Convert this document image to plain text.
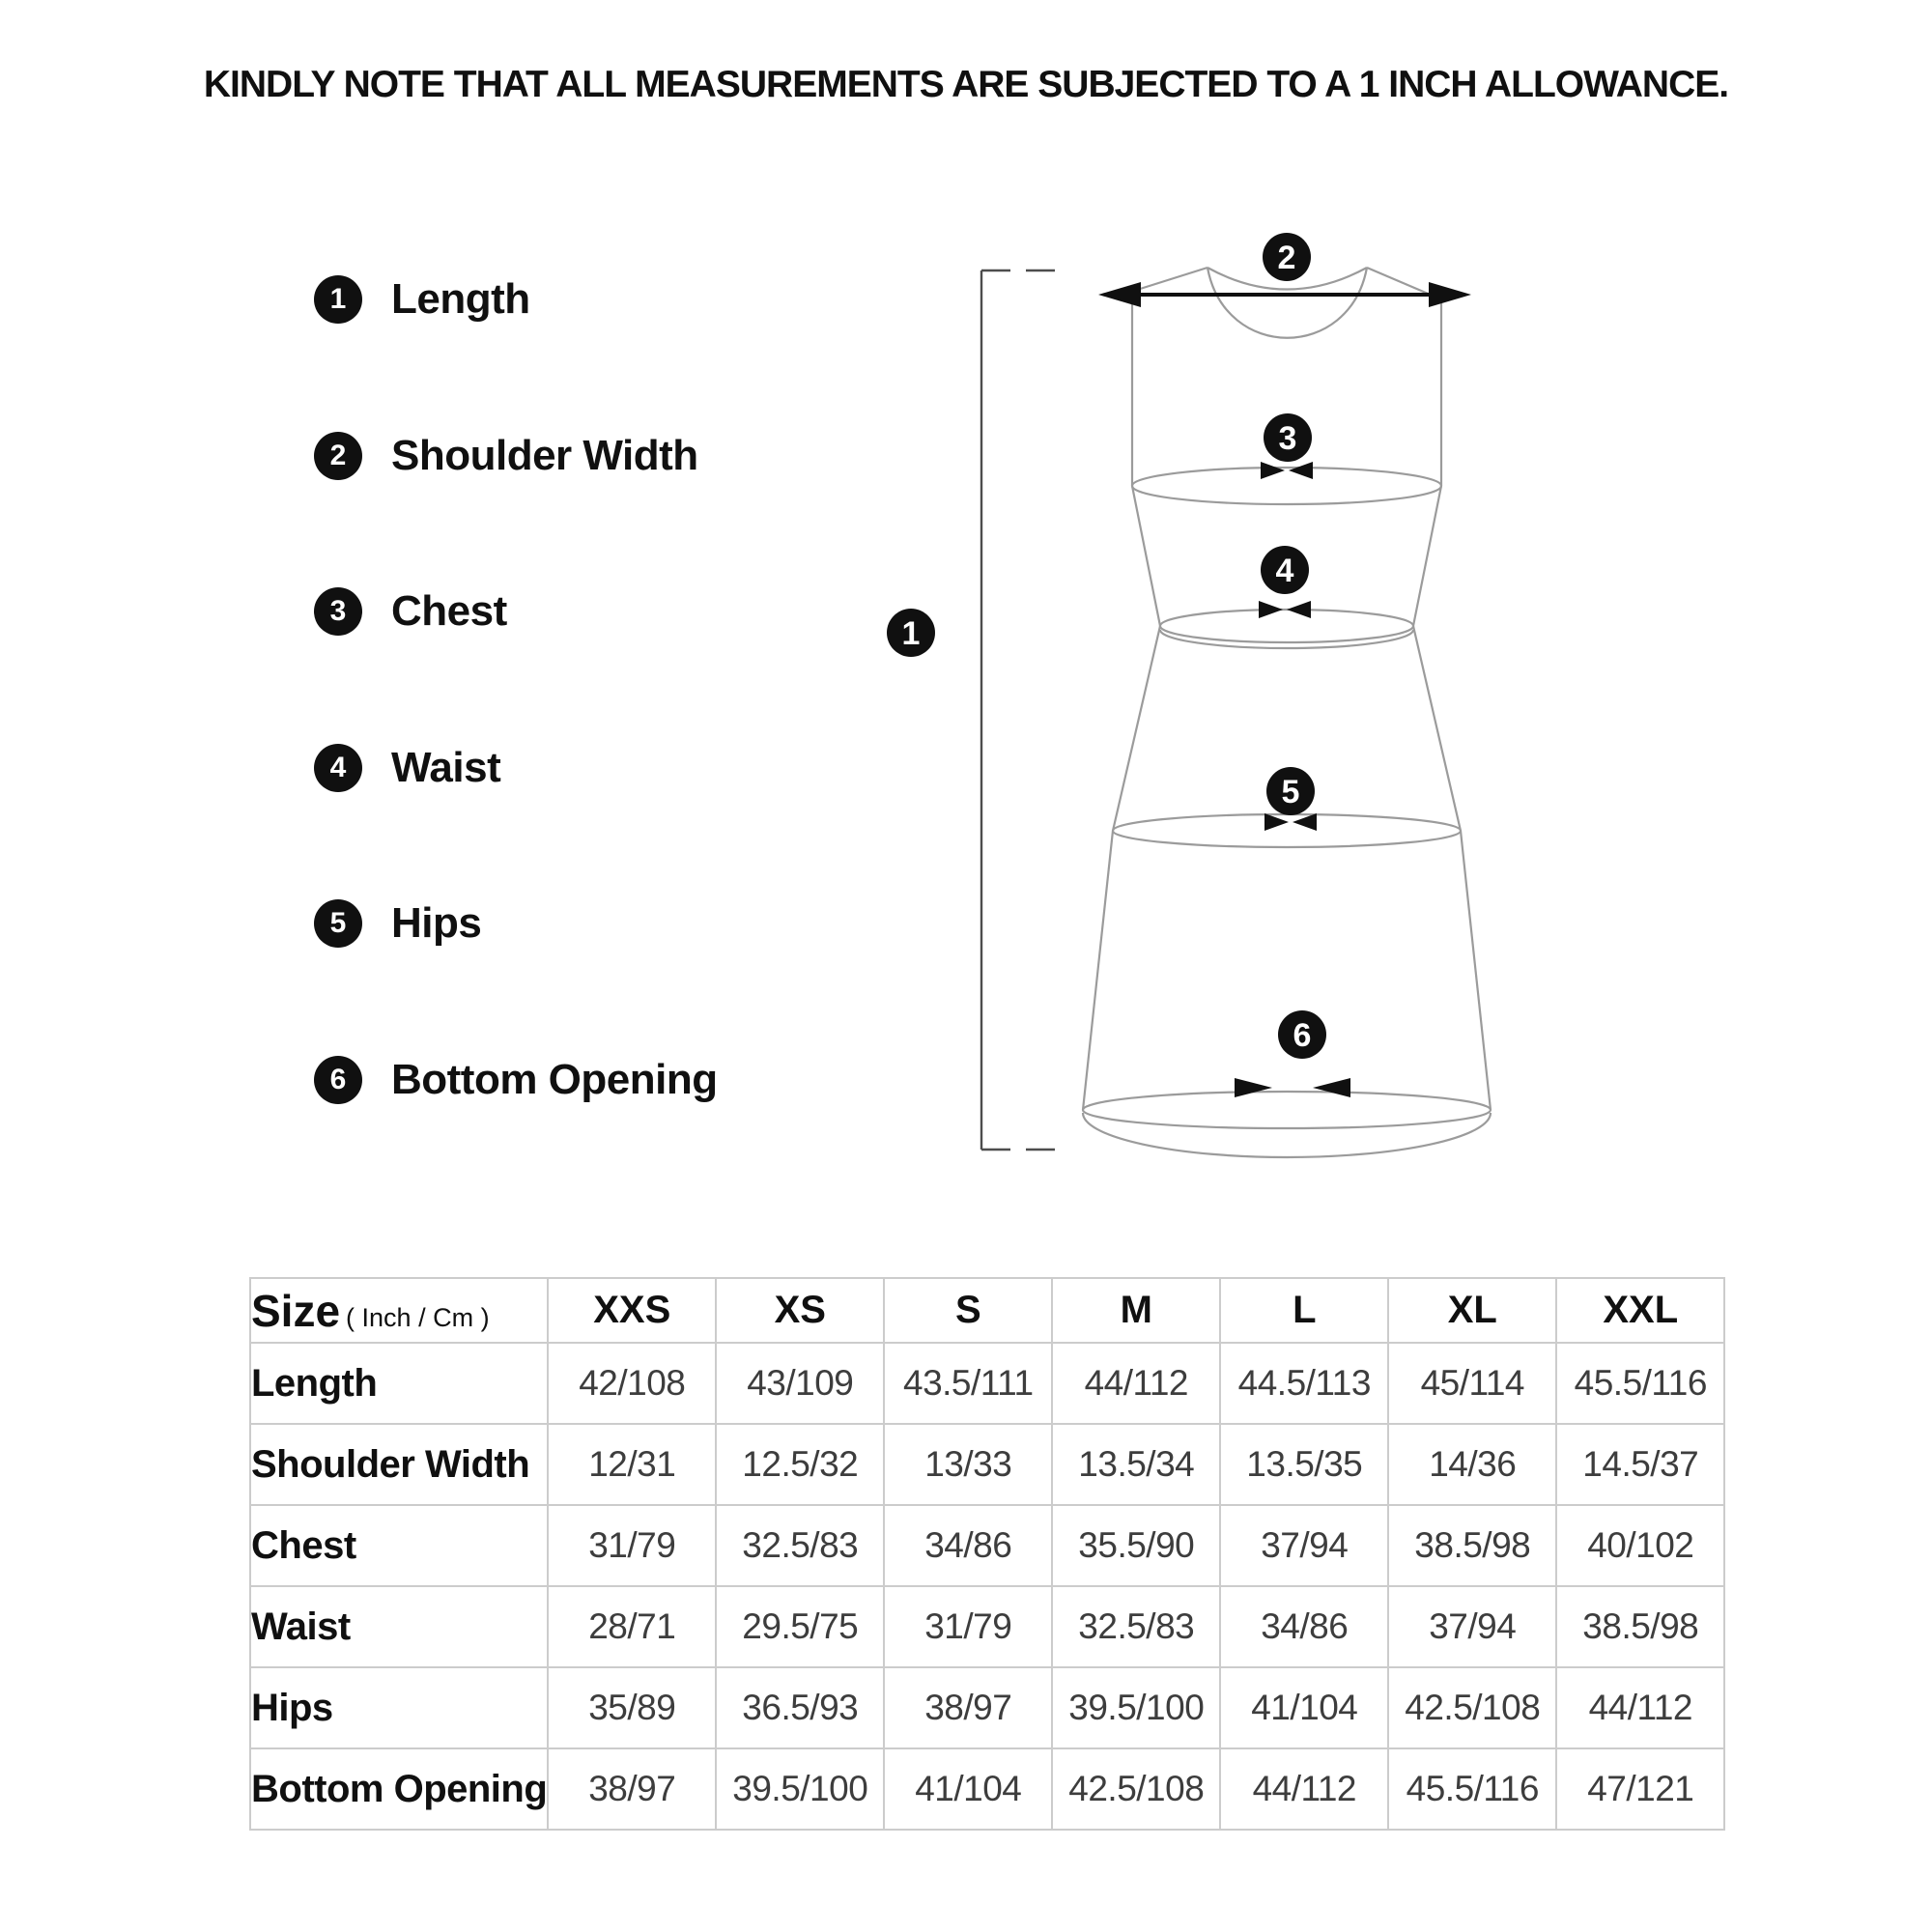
KINDLY NOTE THAT ALL MEASUREMENTS ARE SUBJECTED TO A 1 INCH ALLOWANCE.
1	Length
2	Shoulder Width
3	Chest
4	Waist
5	Hips
6	Bottom Opening
1
2
3
4
5
6
Size ( Inch / Cm )	XXS	XS	S	M	L	XL	XXL
Length	42/108	43/109	43.5/111	44/112	44.5/113	45/114	45.5/116
Shoulder Width	12/31	12.5/32	13/33	13.5/34	13.5/35	14/36	14.5/37
Chest	31/79	32.5/83	34/86	35.5/90	37/94	38.5/98	40/102
Waist	28/71	29.5/75	31/79	32.5/83	34/86	37/94	38.5/98
Hips	35/89	36.5/93	38/97	39.5/100	41/104	42.5/108	44/112
Bottom Opening	38/97	39.5/100	41/104	42.5/108	44/112	45.5/116	47/121
